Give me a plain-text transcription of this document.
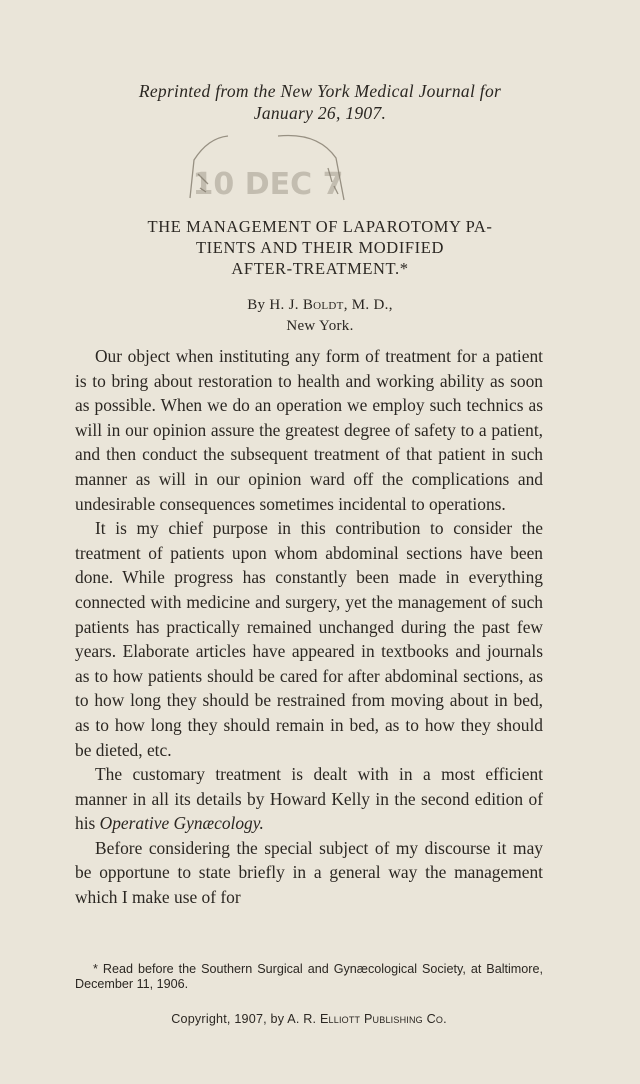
Reprinted from the New York Medical Journal for
January 26, 1907.
10 DEC 7
THE MANAGEMENT OF LAPAROTOMY PA-
TIENTS AND THEIR MODIFIED
AFTER-TREATMENT.*
By H. J. Boldt, M. D.,
New York.

Our object when instituting any form of treatment for a patient is to bring about restoration to health and working ability as soon as possible. When we do an operation we employ such technics as will in our opinion assure the greatest degree of safety to a patient, and then conduct the subsequent treatment of that patient in such manner as will in our opinion ward off the complications and undesirable consequences sometimes incidental to operations.

It is my chief purpose in this contribution to consider the treatment of patients upon whom abdominal sections have been done. While progress has constantly been made in everything connected with medicine and surgery, yet the management of such patients has practically remained unchanged during the past few years. Elaborate articles have appeared in textbooks and journals as to how patients should be cared for after abdominal sections, as to how long they should be restrained from moving about in bed, as to how long they should remain in bed, as to how they should be dieted, etc.

The customary treatment is dealt with in a most efficient manner in all its details by Howard Kelly in the second edition of his Operative Gynæcology.

Before considering the special subject of my discourse it may be opportune to state briefly in a general way the management which I make use of for

* Read before the Southern Surgical and Gynæcological Society, at Baltimore, December 11, 1906.
Copyright, 1907, by A. R. Elliott Publishing Co.
